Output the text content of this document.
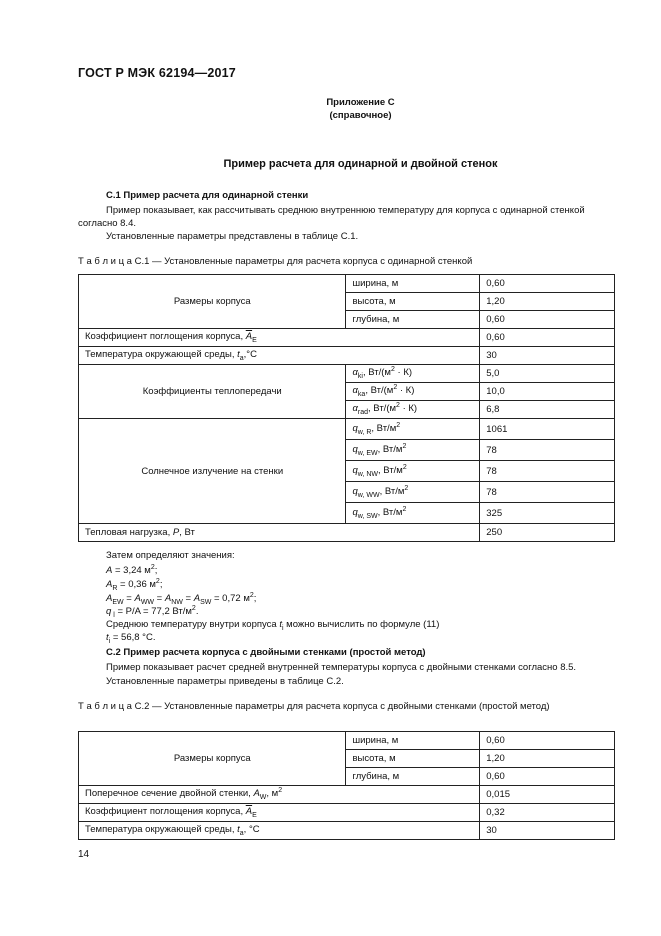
ГОСТ Р МЭК 62194—2017
Приложение С
(справочное)
Пример расчета для одинарной и двойной стенок
С.1 Пример расчета для одинарной стенки
Пример показывает, как рассчитывать среднюю внутреннюю температуру для корпуса с одинарной стенкой
согласно 8.4.
Установленные параметры представлены в таблице С.1.
Т а б л и ц а С.1 — Установленные параметры для расчета корпуса с одинарной стенкой
Размеры корпуса	ширина, м	0,60
	высота, м	1,20
	глубина, м	0,60
Коэффициент поглощения корпуса, $\overline{A}_E$		0,60
Температура окружающей среды, $t_a,^\circ С$		30
Коэффициенты теплопередачи	$\alpha_{ki}$, $Вт/(м^2 \cdot К)$	5,0
	$\alpha_{ka}$, $Вт/(м^2 \cdot К)$	10,0
	$\alpha_{rad}$, $Вт/(м^2 \cdot К)$	6,8
Солнечное излучение на стенки	$q_{w, R}$, $Вт/м^2$	1061
	$q_{w, EW}$, $Вт/м^2$	78
	$q_{w, NW}$, $Вт/м^2$	78
	$q_{w, WW}$, $Вт/м^2$	78
	$q_{w, SW}$, $Вт/м^2$	325
Тепловая нагрузка, P, Вт		250
Затем определяют значения:
A = 3,24 $м^2$;
$A_R = 0,36$ $м^2$;
$A_{EW} = A_{WW} = A_{NW} = A_{SW} = 0,72$ $м^2$;
q $_l$ = P/A = 77,2 $Вт/м^2$.
Среднюю температуру внутри корпуса $t_i$ можно вычислить по формуле (11)
$t_i = 56,8$ °С.
С.2 Пример расчета корпуса с двойными стенками (простой метод)
Пример показывает расчет средней внутренней температуры корпуса с двойными стенками согласно 8.5.
Установленные параметры приведены в таблице С.2.
Т а б л и ц а С.2 — Установленные параметры для расчета корпуса с двойными стенками (простой метод)
Размеры корпуса	ширина, м	0,60
	высота, м	1,20
	глубина, м	0,60
Поперечное сечение двойной стенки, $A_W$, $м^2$		0,015
Коэффициент поглощения корпуса, $\overline{A}_E$		0,32
Температура окружающей среды, $t_a$, °С		30
14
